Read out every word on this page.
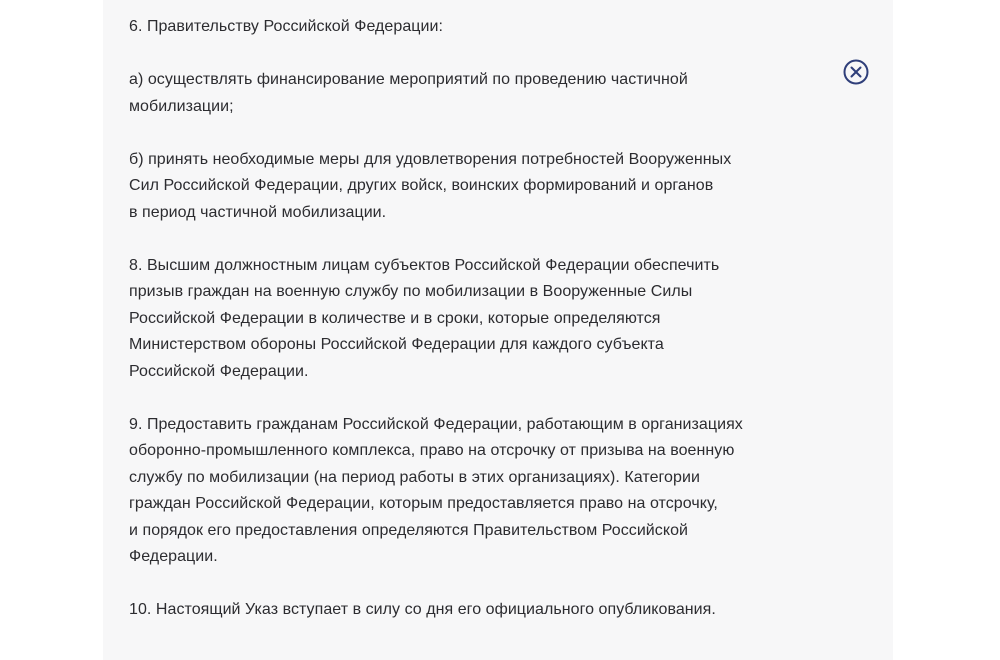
6. Правительству Российской Федерации:

а) осуществлять финансирование мероприятий по проведению частичной
мобилизации;

б) принять необходимые меры для удовлетворения потребностей Вооруженных
Сил Российской Федерации, других войск, воинских формирований и органов
в период частичной мобилизации.

8. Высшим должностным лицам субъектов Российской Федерации обеспечить
призыв граждан на военную службу по мобилизации в Вооруженные Силы
Российской Федерации в количестве и в сроки, которые определяются
Министерством обороны Российской Федерации для каждого субъекта
Российской Федерации.

9. Предоставить гражданам Российской Федерации, работающим в организациях
оборонно-промышленного комплекса, право на отсрочку от призыва на военную
службу по мобилизации (на период работы в этих организациях). Категории
граждан Российской Федерации, которым предоставляется право на отсрочку,
и порядок его предоставления определяются Правительством Российской
Федерации.

10. Настоящий Указ вступает в силу со дня его официального опубликования.
